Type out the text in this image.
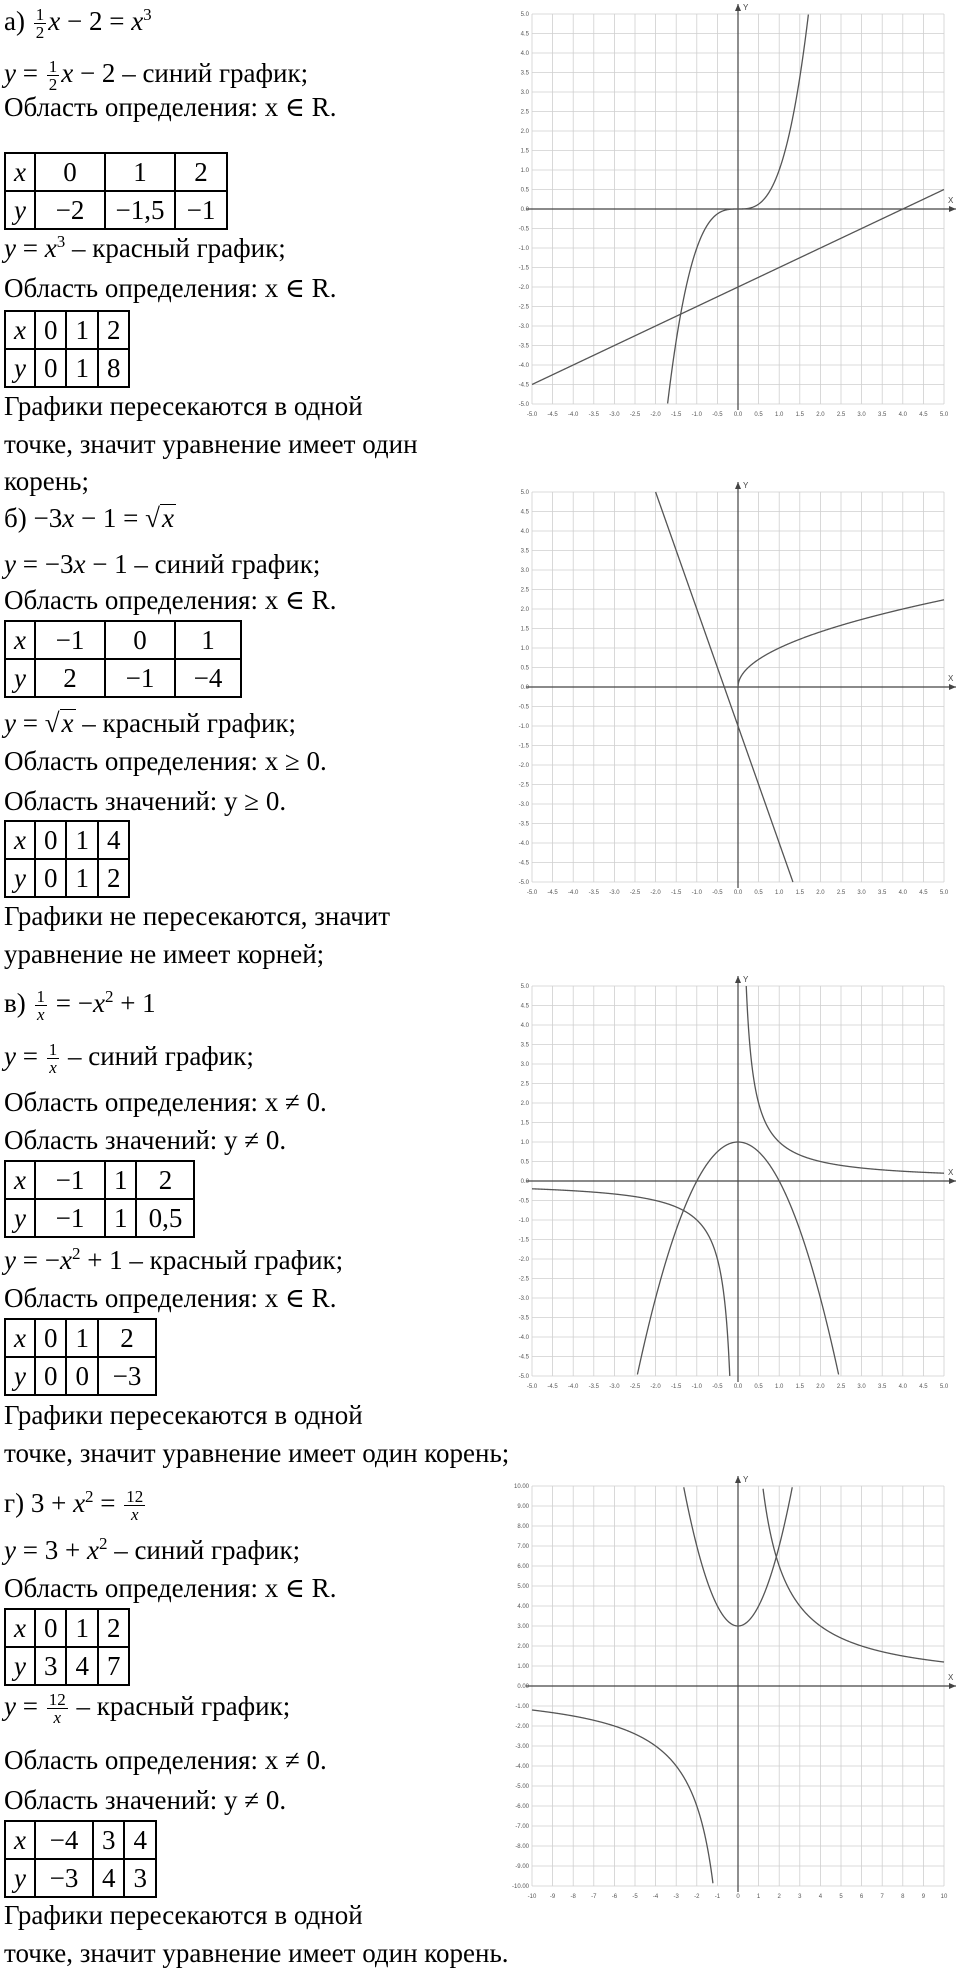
$а) \frac{1}{2}$ $x - 2 = x^3$
$y = \frac{1}{2}$ x − 2 – синий график;
Область определения: x ∈ R.
x	0	1	2
y	−2	−1,5	−1
$y = x^3$ – красный график;
Область определения: x ∈ R.
x	0	1	2
y	0	1	8
Графики пересекаются в одной
точке, значит уравнение имеет один
корень;
б) −3x − 1 = √x
y = −3x − 1 – синий график;
Область определения: x ∈ R.
x	−1	0	1
y	2	−1	−4
y = √x – красный график;
Область определения: x ≥ 0.
Область значений: y ≥ 0.
x	0	1	4
y	0	1	2
Графики не пересекаются, значит
уравнение не имеет корней;
$в) \frac{1}{x} = -x^2 + 1$
$y = \frac{1}{x}$ – синий график;
Область определения: x ≠ 0.
Область значений: y ≠ 0.
x	−1	1	2
y	−1	1	0,5
$y = -x^2 + 1$ – красный график;
Область определения: x ∈ R.
x	0	1	2
y	0	0	−3
Графики пересекаются в одной
точке, значит уравнение имеет один корень;
г) $3 + x^2 = \frac{12}{x}$
$y = 3 + x^2$ – синий график;
Область определения: x ∈ R.
x	0	1	2
y	3	4	7
$y = \frac{12}{x}$ – красный график;
Область определения: x ≠ 0.
Область значений: y ≠ 0.
x	−4	3	4
y	−3	4	3
Графики пересекаются в одной
точке, значит уравнение имеет один корень.
X
Y
-5.0
-5.0
-4.5
-4.5
-4.0
-4.0
-3.5
-3.5
-3.0
-3.0
-2.5
-2.5
-2.0
-2.0
-1.5
-1.5
-1.0
-1.0
-0.5
-0.5
0.0
0.0
0.5
0.5
1.0
1.0
1.5
1.5
2.0
2.0
2.5
2.5
3.0
3.0
3.5
3.5
4.0
4.0
4.5
4.5
5.0
5.0
X
Y
-5.0
-5.0
-4.5
-4.5
-4.0
-4.0
-3.5
-3.5
-3.0
-3.0
-2.5
-2.5
-2.0
-2.0
-1.5
-1.5
-1.0
-1.0
-0.5
-0.5
0.0
0.0
0.5
0.5
1.0
1.0
1.5
1.5
2.0
2.0
2.5
2.5
3.0
3.0
3.5
3.5
4.0
4.0
4.5
4.5
5.0
5.0
X
Y
-5.0
-5.0
-4.5
-4.5
-4.0
-4.0
-3.5
-3.5
-3.0
-3.0
-2.5
-2.5
-2.0
-2.0
-1.5
-1.5
-1.0
-1.0
-0.5
-0.5
0.0
0.0
0.5
0.5
1.0
1.0
1.5
1.5
2.0
2.0
2.5
2.5
3.0
3.0
3.5
3.5
4.0
4.0
4.5
4.5
5.0
5.0
X
Y
-10
-10.00
-9
-9.00
-8
-8.00
-7
-7.00
-6
-6.00
-5
-5.00
-4
-4.00
-3
-3.00
-2
-2.00
-1
-1.00
0
0.00
1
1.00
2
2.00
3
3.00
4
4.00
5
5.00
6
6.00
7
7.00
8
8.00
9
9.00
10
10.00
